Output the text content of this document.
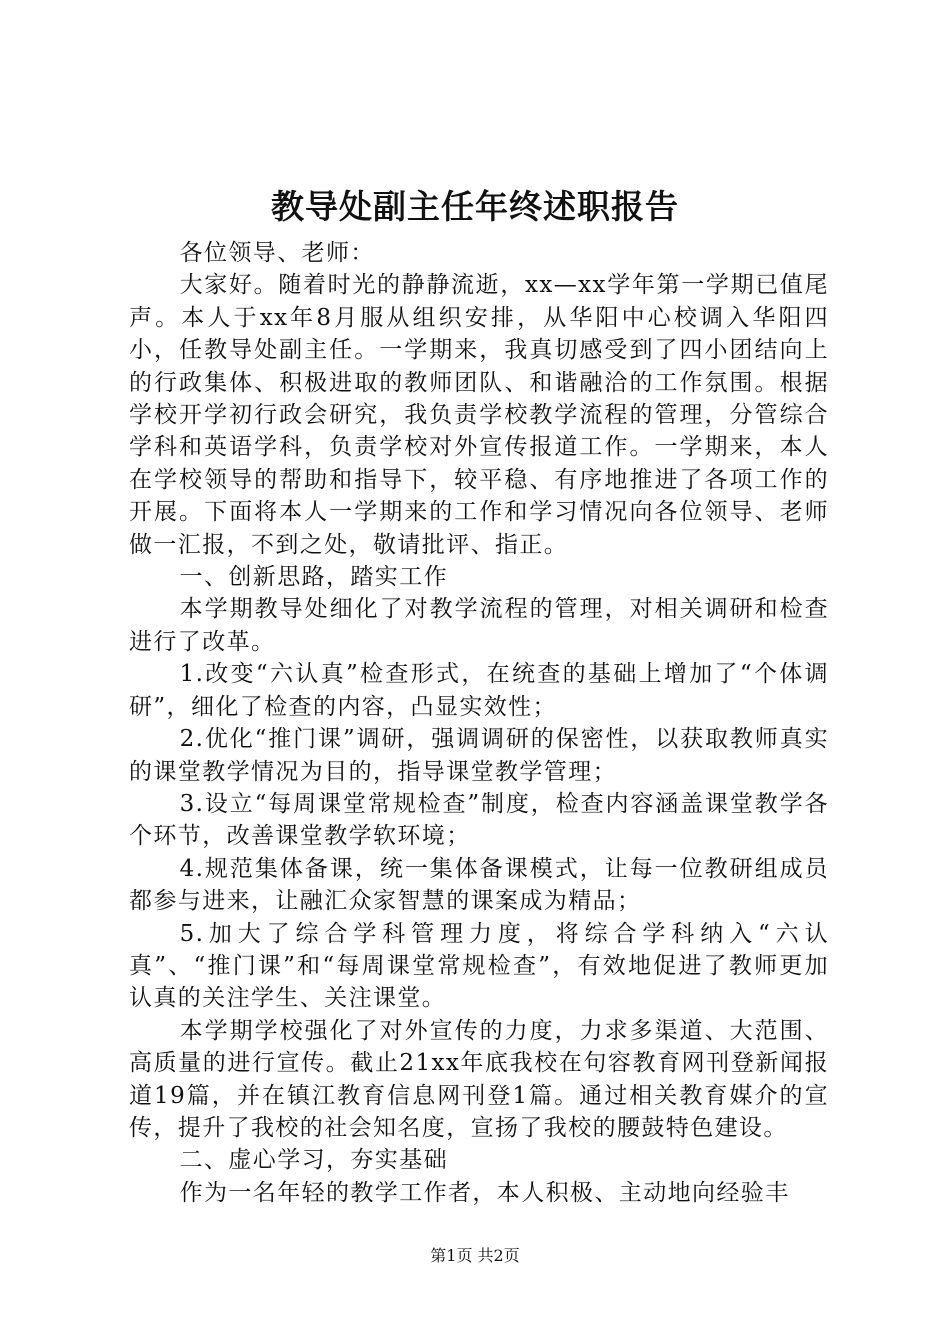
教导处副主任年终述职报告

各位领导、老师：

大家好。随着时光的静静流逝，xx—xx学年第一学期已值尾声。本人于xx年8月服从组织安排，从华阳中心校调入华阳四小，任教导处副主任。一学期来，我真切感受到了四小团结向上的行政集体、积极进取的教师团队、和谐融洽的工作氛围。根据学校开学初行政会研究，我负责学校教学流程的管理，分管综合学科和英语学科，负责学校对外宣传报道工作。一学期来，本人在学校领导的帮助和指导下，较平稳、有序地推进了各项工作的开展。下面将本人一学期来的工作和学习情况向各位领导、老师做一汇报，不到之处，敬请批评、指正。

一、创新思路，踏实工作

本学期教导处细化了对教学流程的管理，对相关调研和检查进行了改革。

1.改变“六认真”检查形式，在统查的基础上增加了“个体调研”，细化了检查的内容，凸显实效性；

2.优化“推门课”调研，强调调研的保密性，以获取教师真实的课堂教学情况为目的，指导课堂教学管理；

3.设立“每周课堂常规检查”制度，检查内容涵盖课堂教学各个环节，改善课堂教学软环境；

4.规范集体备课，统一集体备课模式，让每一位教研组成员都参与进来，让融汇众家智慧的课案成为精品；

5.加大了综合学科管理力度，将综合学科纳入“六认真”、“推门课”和“每周课堂常规检查”，有效地促进了教师更加认真的关注学生、关注课堂。

本学期学校强化了对外宣传的力度，力求多渠道、大范围、高质量的进行宣传。截止21xx年底我校在句容教育网刊登新闻报道19篇，并在镇江教育信息网刊登1篇。通过相关教育媒介的宣传，提升了我校的社会知名度，宣扬了我校的腰鼓特色建设。

二、虚心学习，夯实基础

作为一名年轻的教学工作者，本人积极、主动地向经验丰

第1页 共2页
